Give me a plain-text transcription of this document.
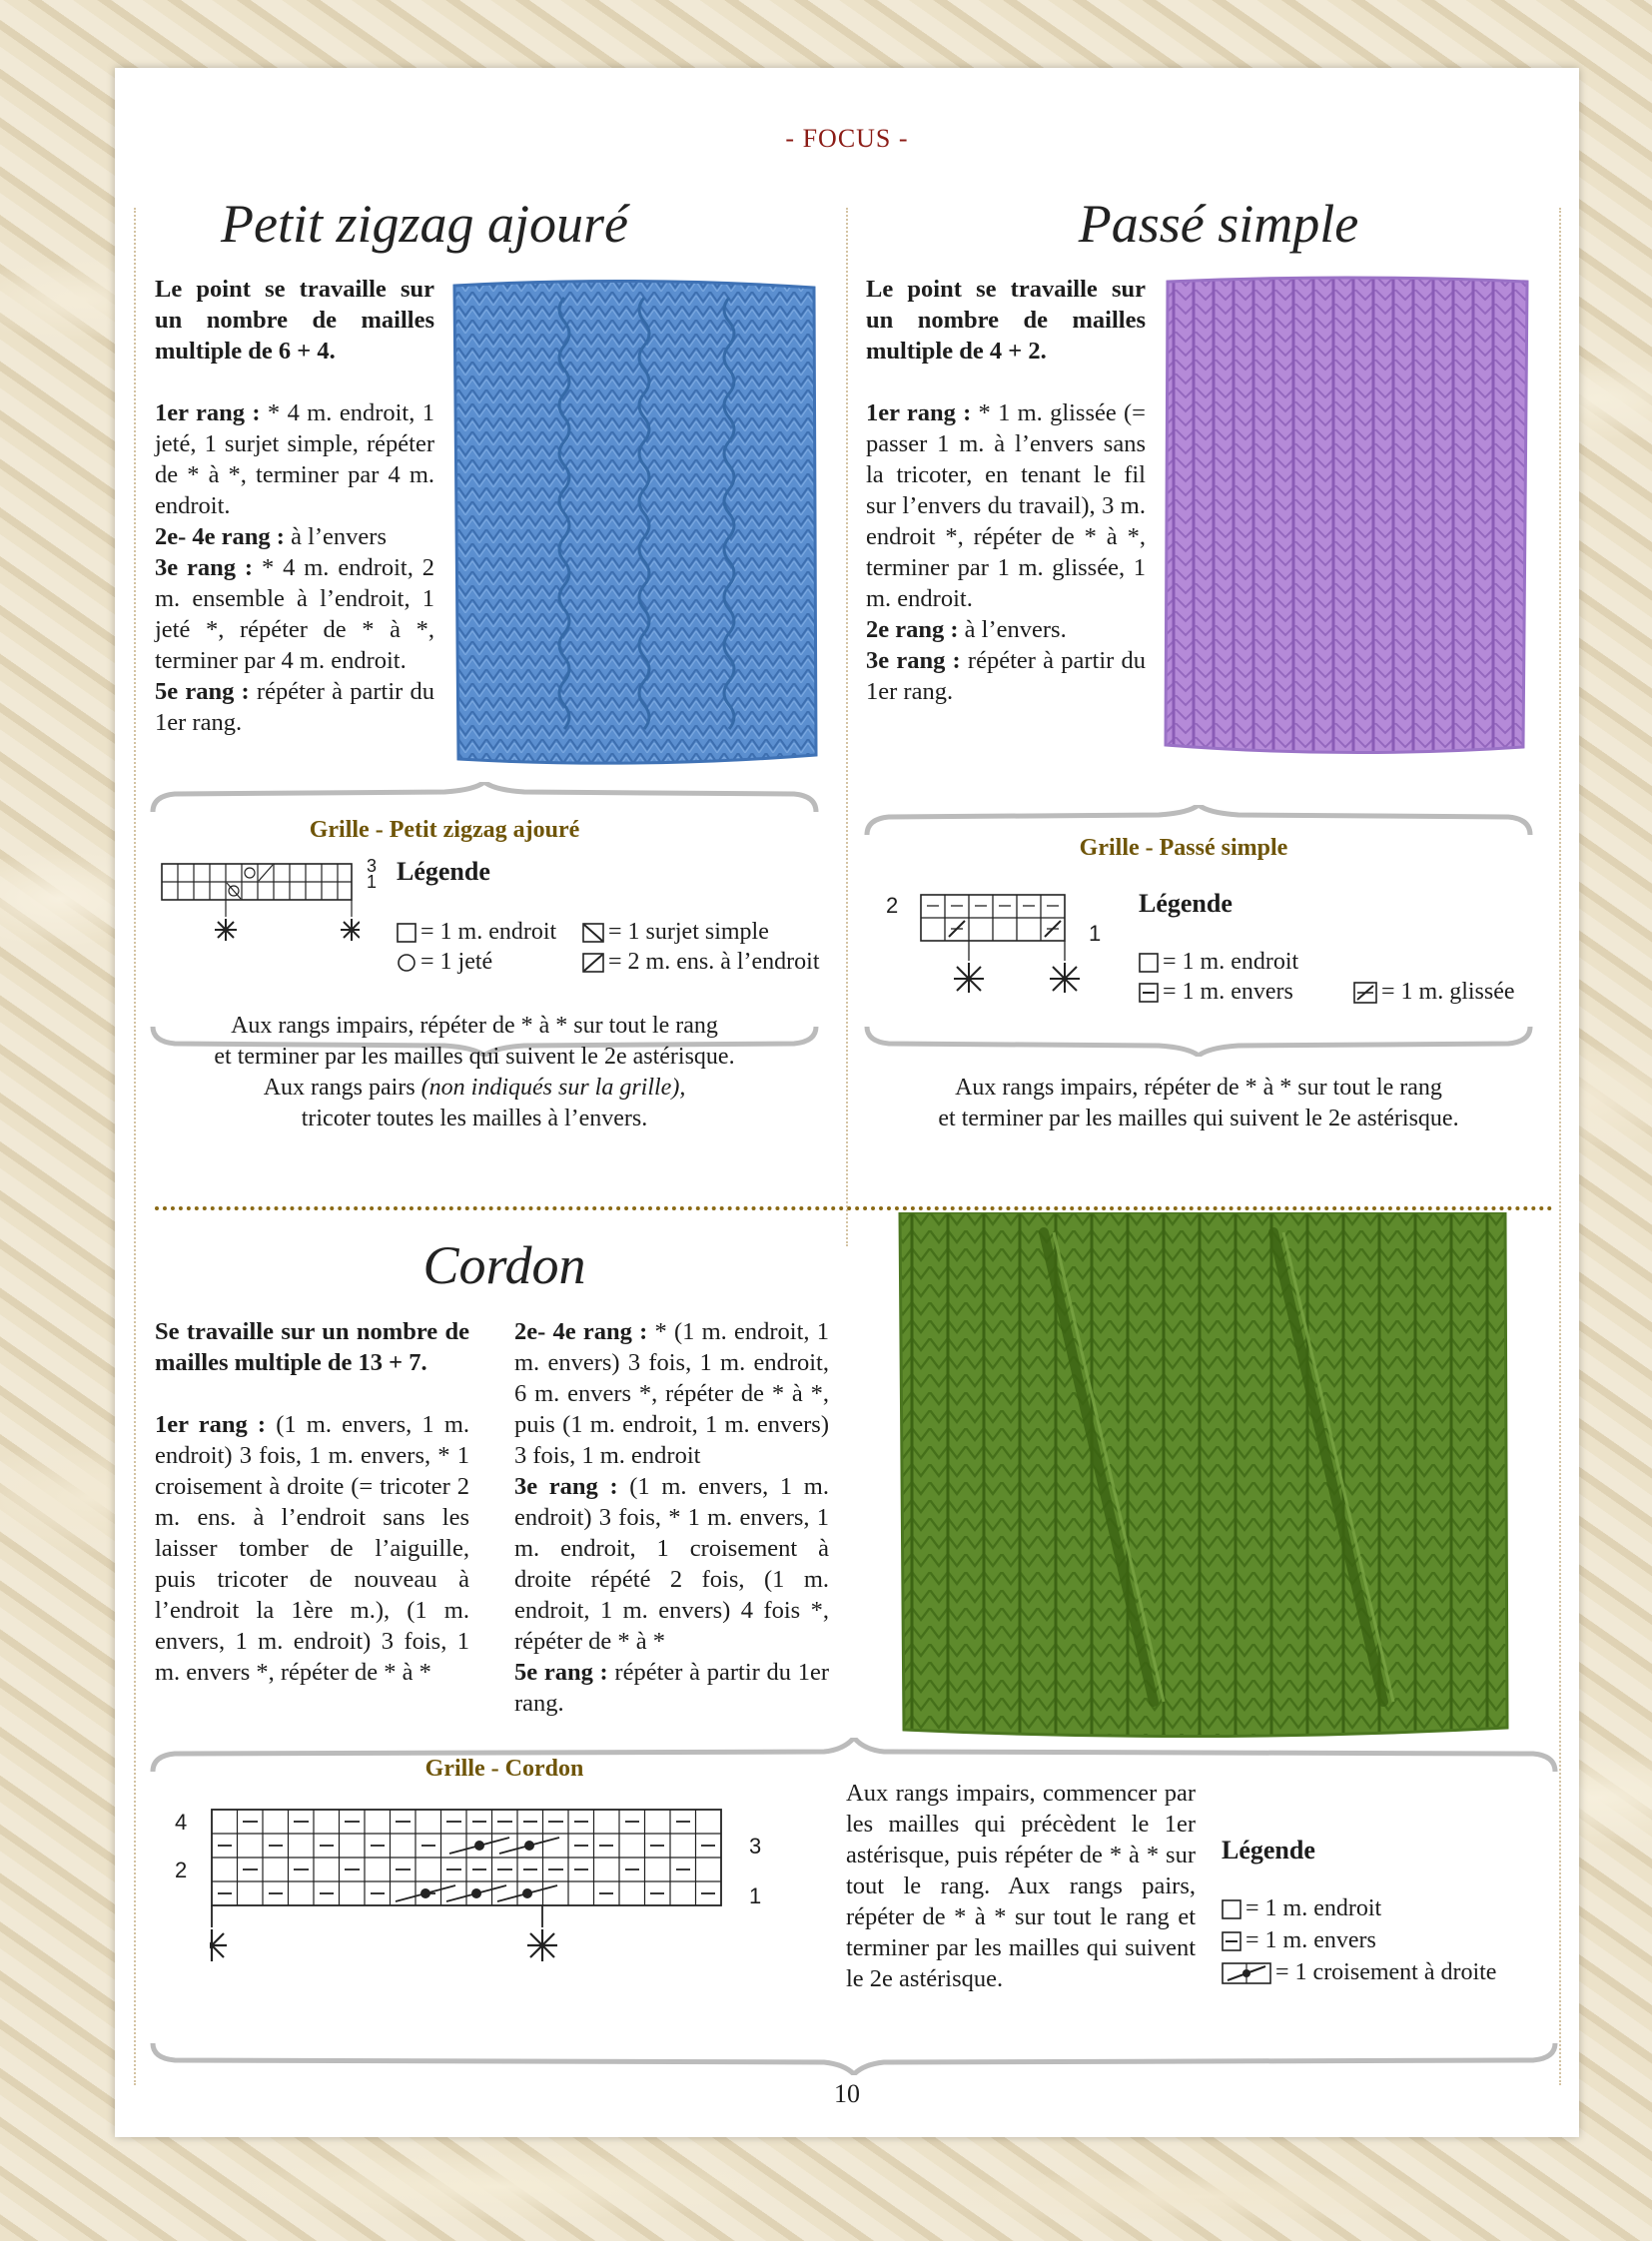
- FOCUS -
Petit zigzag ajouré
Le point se travaille sur un nombre de mailles multiple de 6 + 4.
1er rang : * 4 m. endroit, 1 jeté, 1 surjet simple, répéter de * à *, terminer par 4 m. endroit.
2e- 4e rang : à l’envers
3e rang : * 4 m. endroit, 2 m. ensemble à l’endroit, 1 jeté *, répéter de * à *, terminer par 4 m. endroit.
5e rang : répéter à partir du 1er rang.
Grille - Petit zigzag ajouré
3
1 Légende
= 1 m. endroit = 1 surjet simple
= 1 jeté	= 2 m. ens. à l’endroit
Aux rangs impairs, répéter de * à * sur tout le rang
et terminer par les mailles qui suivent le 2e astérisque.
Aux rangs pairs (non indiqués sur la grille),
tricoter toutes les mailles à l’envers.
Passé simple
Le point se travaille sur un nombre de mailles multiple de 4 + 2.
1er rang : * 1 m. glissée (= passer 1 m. à l’envers sans la tricoter, en tenant le fil sur l’envers du travail), 3 m. endroit *, répéter de * à *, terminer par 1 m. glissée, 1 m. endroit.
2e rang : à l’envers.
3e rang : répéter à partir du 1er rang.
Grille - Passé simple
2
1
Légende
= 1 m. endroit
= 1 m. envers	= 1 m. glissée
Aux rangs impairs, répéter de * à * sur tout le rang
et terminer par les mailles qui suivent le 2e astérisque.
Cordon
Se travaille sur un nombre de mailles multiple de 13 + 7.
1er rang : (1 m. envers, 1 m. endroit) 3 fois, 1 m. envers, * 1 croisement à droite (= tricoter 2 m. ens. à l’endroit sans les laisser tomber de l’aiguille, puis tricoter de nouveau à l’endroit la 1ère m.), (1 m. envers, 1 m. endroit) 3 fois, 1 m. envers *, répéter de * à *
2e- 4e rang : * (1 m. endroit, 1 m. envers) 3 fois, 1 m. endroit, 6 m. envers *, répéter de * à *, puis (1 m. endroit, 1 m. envers) 3 fois, 1 m. endroit
3e rang : (1 m. envers, 1 m. endroit) 3 fois, * 1 m. envers, 1 m. endroit, 1 croisement à droite répété 2 fois, (1 m. endroit, 1 m. envers) 4 fois *, répéter de * à *
5e rang : répéter à partir du 1er rang.
Grille - Cordon
4
2
3
1
Aux rangs impairs, commencer par les mailles qui précèdent le 1er astérisque, puis répéter de * à * sur tout le rang. Aux rangs pairs, répéter de * à * sur tout le rang et terminer par les mailles qui suivent le 2e astérisque.
Légende
= 1 m. endroit
= 1 m. envers
= 1 croisement à droite
10
